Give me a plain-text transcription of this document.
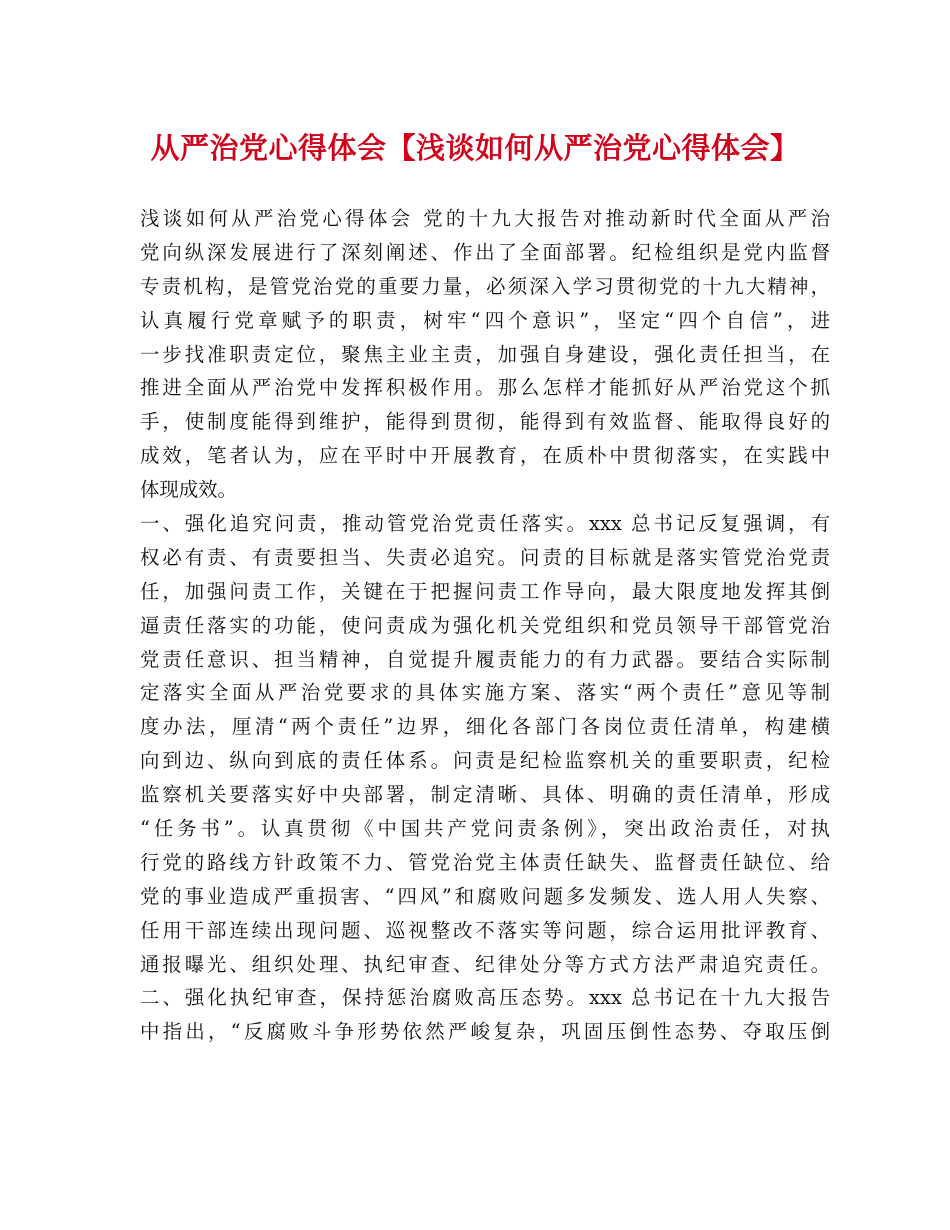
从严治党心得体会【浅谈如何从严治党心得体会】
浅谈如何从严治党心得体会 党的十九大报告对推动新时代全面从严治
党向纵深发展进行了深刻阐述、作出了全面部署。纪检组织是党内监督
专责机构，是管党治党的重要力量，必须深入学习贯彻党的十九大精神，
认真履行党章赋予的职责，树牢“四个意识”，坚定“四个自信”，进
一步找准职责定位，聚焦主业主责，加强自身建设，强化责任担当，在
推进全面从严治党中发挥积极作用。那么怎样才能抓好从严治党这个抓
手，使制度能得到维护，能得到贯彻，能得到有效监督、能取得良好的
成效，笔者认为，应在平时中开展教育，在质朴中贯彻落实，在实践中
体现成效。
一、强化追究问责，推动管党治党责任落实。xxx 总书记反复强调，有
权必有责、有责要担当、失责必追究。问责的目标就是落实管党治党责
任，加强问责工作，关键在于把握问责工作导向，最大限度地发挥其倒
逼责任落实的功能，使问责成为强化机关党组织和党员领导干部管党治
党责任意识、担当精神，自觉提升履责能力的有力武器。要结合实际制
定落实全面从严治党要求的具体实施方案、落实“两个责任”意见等制
度办法，厘清“两个责任”边界，细化各部门各岗位责任清单，构建横
向到边、纵向到底的责任体系。问责是纪检监察机关的重要职责，纪检
监察机关要落实好中央部署，制定清晰、具体、明确的责任清单，形成
“任务书”。认真贯彻《中国共产党问责条例》，突出政治责任，对执
行党的路线方针政策不力、管党治党主体责任缺失、监督责任缺位、给
党的事业造成严重损害、“四风”和腐败问题多发频发、选人用人失察、
任用干部连续出现问题、巡视整改不落实等问题，综合运用批评教育、
通报曝光、组织处理、执纪审查、纪律处分等方式方法严肃追究责任。
二、强化执纪审查，保持惩治腐败高压态势。xxx 总书记在十九大报告
中指出，“反腐败斗争形势依然严峻复杂，巩固压倒性态势、夺取压倒
